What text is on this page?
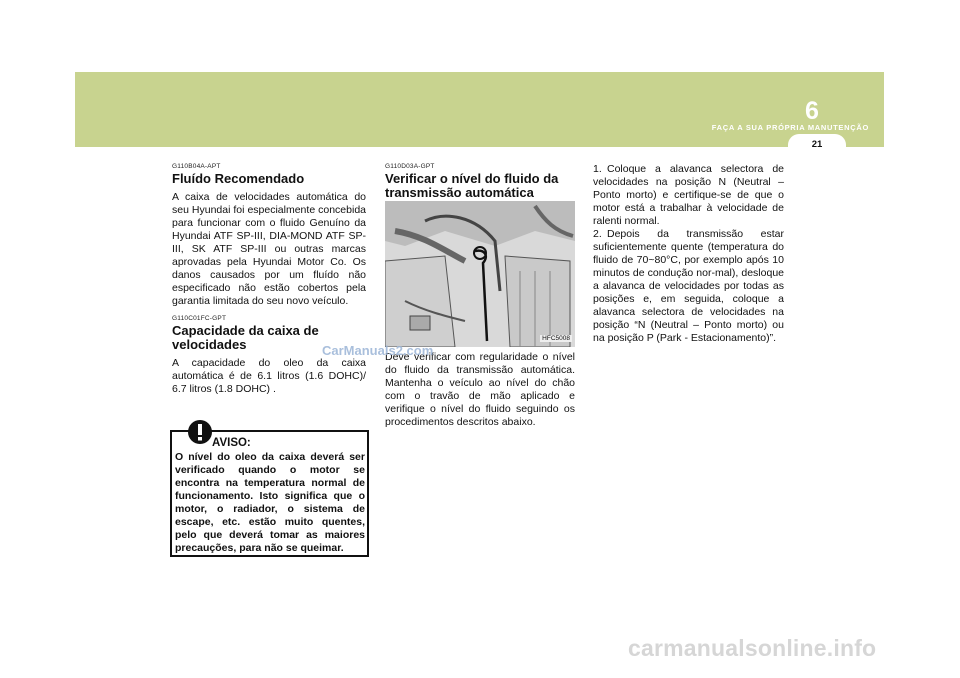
FAÇA A SUA PRÓPRIA MANUTENÇÃO
6
21

G110B04A-APT

Fluído Recomendado

A caixa de velocidades automática do seu Hyundai foi especialmente concebida para funcionar com o fluido Genuíno da Hyundai ATF SP-III, DIA-MOND ATF SP-III, SK ATF SP-III ou outras marcas aprovadas pela Hyundai Motor Co. Os danos causados por um fluído não especificado não estão cobertos pela garantia limitada do seu novo veículo.

G110C01FC-GPT

Capacidade da caixa de velocidades

A capacidade do oleo da caixa automática é de 6.1 litros (1.6 DOHC)/ 6.7 litros (1.8 DOHC) .

AVISO:

O nível do oleo da caixa deverá ser verificado quando o motor se encontra na temperatura normal de funcionamento. Isto significa que o motor, o radiador, o sistema de escape, etc. estão muito quentes, pelo que deverá tomar as maiores precauções, para não se queimar.

G110D03A-GPT

Verificar o nível do fluido da transmissão automática
HFC5008

Deve verificar com regularidade o nível do fluido da transmissão automática. Mantenha o veículo ao nível do chão com o travão de mão aplicado e verifique o nível do fluido seguindo os procedimentos descritos abaixo.

1. Coloque a alavanca selectora de velocidades na posição N (Neutral – Ponto morto) e certifique-se de que o motor está a trabalhar à velocidade de ralenti normal.
2. Depois da transmissão estar suficientemente quente (temperatura do fluido de 70~80°C, por exemplo após 10 minutos de condução nor-mal), desloque a alavanca de velocidades por todas as posições e, em seguida, coloque a alavanca selectora de velocidades na posição “N (Neutral – Ponto morto) ou na posição P (Park - Estacionamento)”.
CarManuals2.com
carmanualsonline.info
